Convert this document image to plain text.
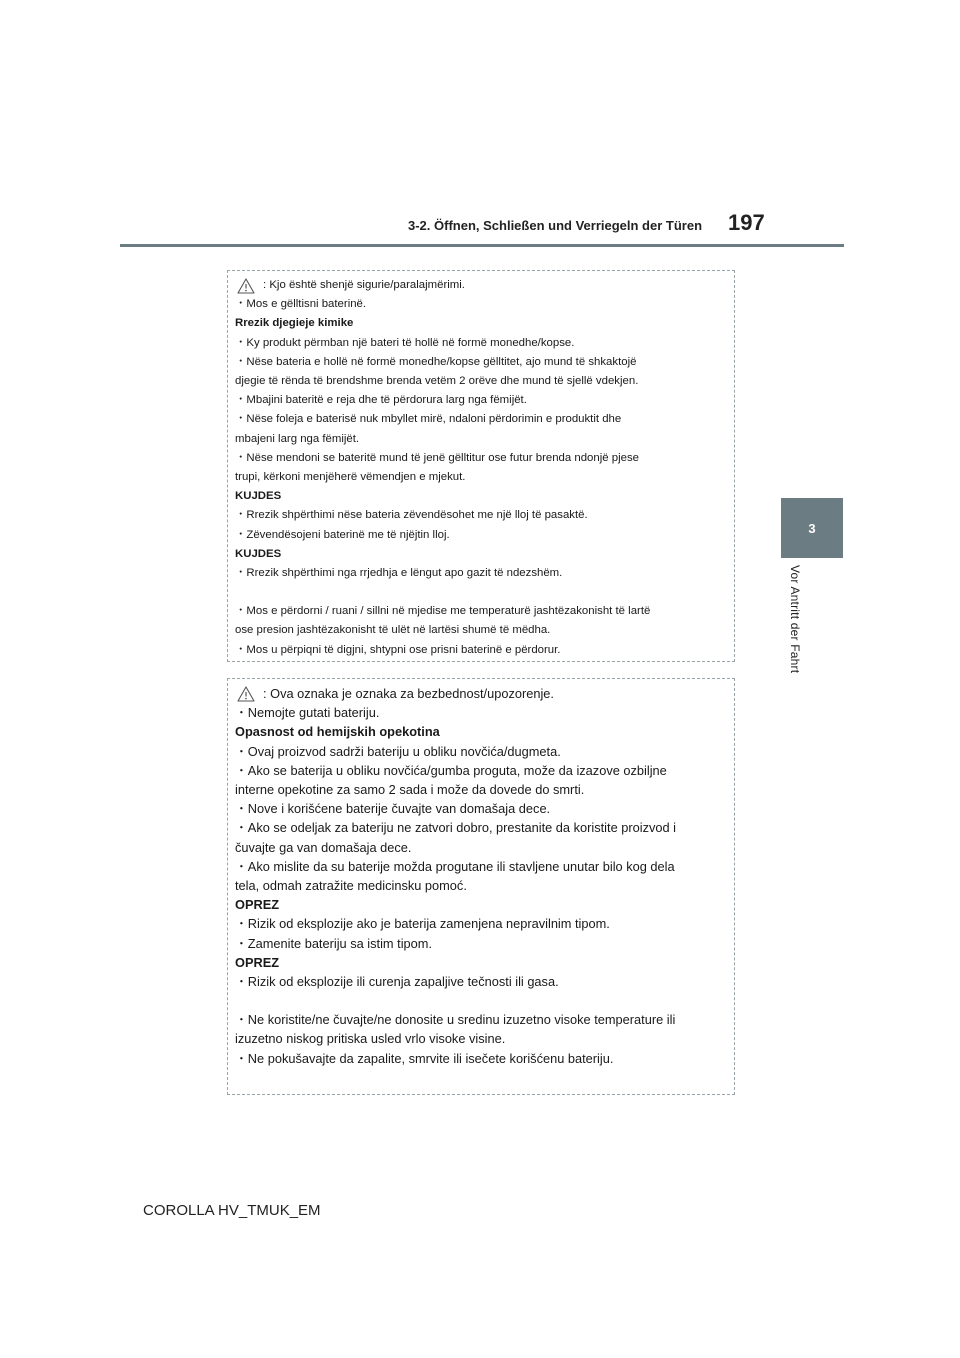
3-2. Öffnen, Schließen und Verriegeln der Türen 197
3
Vor Antritt der Fahrt
: Kjo është shenjë sigurie/paralajmërimi.
・Mos e gëlltisni baterinë.
Rrezik djegieje kimike
・Ky produkt përmban një bateri të hollë në formë monedhe/kopse.
・Nëse bateria e hollë në formë monedhe/kopse gëlltitet, ajo mund të shkaktojë
djegie të rënda të brendshme brenda vetëm 2 orëve dhe mund të sjellë vdekjen.
・Mbajini bateritë e reja dhe të përdorura larg nga fëmijët.
・Nëse foleja e baterisë nuk mbyllet mirë, ndaloni përdorimin e produktit dhe
mbajeni larg nga fëmijët.
・Nëse mendoni se bateritë mund të jenë gëlltitur ose futur brenda ndonjë pjese
trupi, kërkoni menjëherë vëmendjen e mjekut.
KUJDES
・Rrezik shpërthimi nëse bateria zëvendësohet me një lloj të pasaktë.
・Zëvendësojeni baterinë me të njëjtin lloj.
KUJDES
・Rrezik shpërthimi nga rrjedhja e lëngut apo gazit të ndezshëm.
・Mos e përdorni / ruani / sillni në mjedise me temperaturë jashtëzakonisht të lartë
ose presion jashtëzakonisht të ulët në lartësi shumë të mëdha.
・Mos u përpiqni të digjni, shtypni ose prisni baterinë e përdorur.
: Ova oznaka je oznaka za bezbednost/upozorenje.
・Nemojte gutati bateriju.
Opasnost od hemijskih opekotina
・Ovaj proizvod sadrži bateriju u obliku novčića/dugmeta.
・Ako se baterija u obliku novčića/gumba proguta, može da izazove ozbiljne
interne opekotine za samo 2 sada i može da dovede do smrti.
・Nove i korišćene baterije čuvajte van domašaja dece.
・Ako se odeljak za bateriju ne zatvori dobro, prestanite da koristite proizvod i
čuvajte ga van domašaja dece.
・Ako mislite da su baterije možda progutane ili stavljene unutar bilo kog dela
tela, odmah zatražite medicinsku pomoć.
OPREZ
・Rizik od eksplozije ako je baterija zamenjena nepravilnim tipom.
・Zamenite bateriju sa istim tipom.
OPREZ
・Rizik od eksplozije ili curenja zapaljive tečnosti ili gasa.
・Ne koristite/ne čuvajte/ne donosite u sredinu izuzetno visoke temperature ili
izuzetno niskog pritiska usled vrlo visoke visine.
・Ne pokušavajte da zapalite, smrvite ili isečete korišćenu bateriju.
COROLLA HV_TMUK_EM
